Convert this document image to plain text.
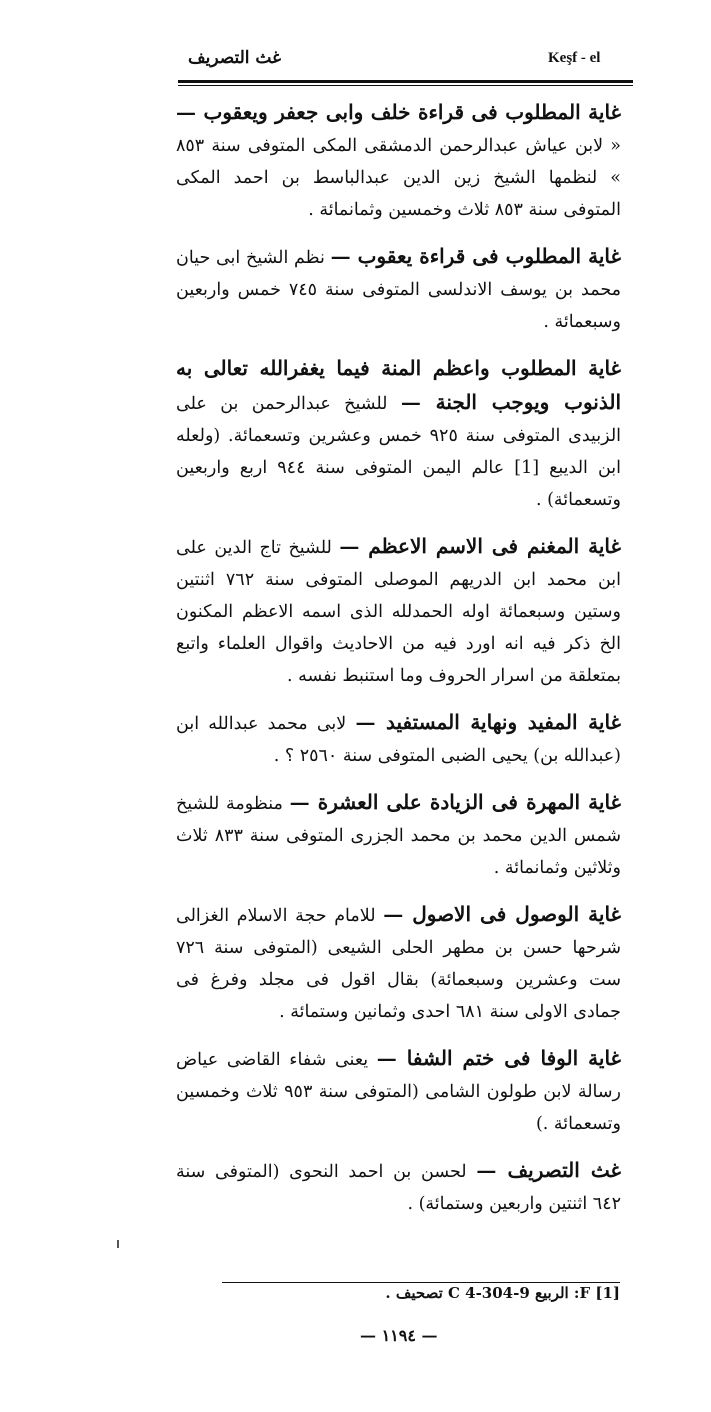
Keşf - el
غث التصريف

غاية المطلوب فى قراءة خلف وابى جعفر ويعقوب — « لابن عياش عبدالرحمن الدمشقى المكى المتوفى سنة ٨٥٣ » لنظمها الشيخ زين الدين عبدالباسط بن احمد المكى المتوفى سنة ٨٥٣ ثلاث وخمسين وثمانمائة .

غاية المطلوب فى قراءة يعقوب — نظم الشيخ ابى حيان محمد بن يوسف الاندلسى المتوفى سنة ٧٤٥ خمس واربعين وسبعمائة .

غاية المطلوب واعظم المنة فيما يغفرالله تعالى به الذنوب ويوجب الجنة — للشيخ عبدالرحمن بن على الزبيدى المتوفى سنة ٩٢٥ خمس وعشرين وتسعمائة. (ولعله ابن الديبع [1] عالم اليمن المتوفى سنة ٩٤٤ اربع واربعين وتسعمائة) .

غاية المغنم فى الاسم الاعظم — للشيخ تاج الدين على ابن محمد ابن الدريهم الموصلى المتوفى سنة ٧٦٢ اثنتين وستين وسبعمائة اوله الحمدلله الذى اسمه الاعظم المكنون الخ ذكر فيه انه اورد فيه من الاحاديث واقوال العلماء واتبع بمتعلقة من اسرار الحروف وما استنبط نفسه .

غاية المفيد ونهاية المستفيد — لابى محمد عبدالله ابن (عبدالله بن) يحيى الضبى المتوفى سنة ٢٥٦٠ ؟ .

غاية المهرة فى الزيادة على العشرة — منظومة للشيخ شمس الدين محمد بن محمد الجزرى المتوفى سنة ٨٣٣ ثلاث وثلاثين وثمانمائة .

غاية الوصول فى الاصول — للامام حجة الاسلام الغزالى شرحها حسن بن مطهر الحلى الشيعى (المتوفى سنة ٧٢٦ ست وعشرين وسبعمائة) بقال اقول فى مجلد وفرغ فى جمادى الاولى سنة ٦٨١ احدى وثمانين وستمائة .

غاية الوفا فى ختم الشفا — يعنى شفاء القاضى عياض رسالة لابن طولون الشامى (المتوفى سنة ٩٥٣ ثلاث وخمسين وتسعمائة .)

غث التصريف — لحسن بن احمد النحوى (المتوفى سنة ٦٤٢ اثنتين واربعين وستمائة) .

[1] F: الربيع C 4-304-9 تصحيف .
— ١١٩٤ —
